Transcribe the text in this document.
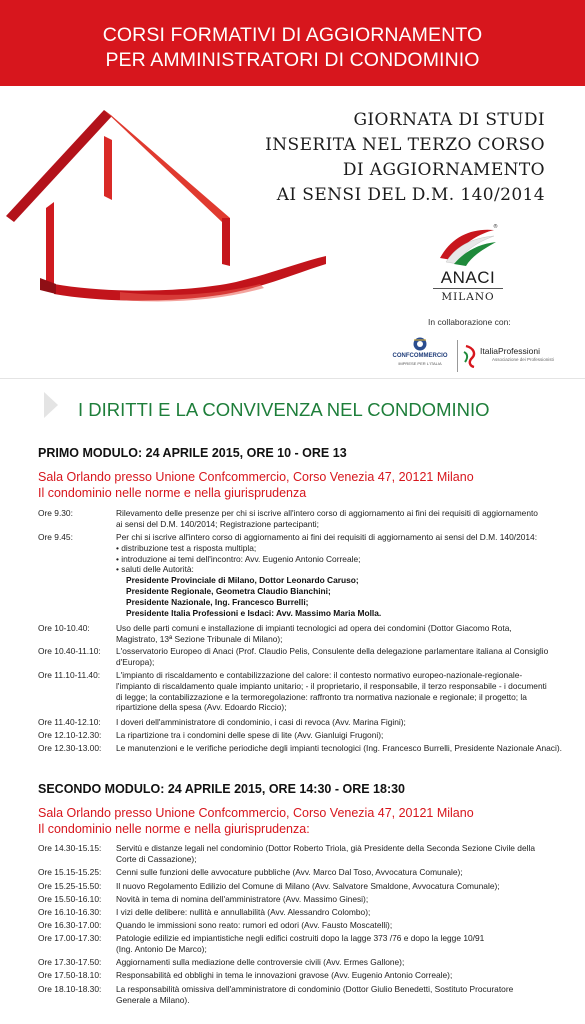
CORSI FORMATIVI DI AGGIORNAMENTO
PER AMMINISTRATORI DI CONDOMINIO
GIORNATA DI STUDI
INSERITA NEL TERZO CORSO
DI AGGIORNAMENTO
AI SENSI DEL D.M. 140/2014
®
ANACI
MILANO
In collaborazione con:
CONFCOMMERCIO
IMPRESE PER L'ITALIA
ItaliaProfessioni
Associazione dei Professionisti
I DIRITTI E LA CONVIVENZA NEL CONDOMINIO
PRIMO MODULO: 24 APRILE 2015, ORE 10 - ORE 13
Sala Orlando presso Unione Confcommercio, Corso Venezia 47, 20121 Milano
Il condominio nelle norme e nella giurisprudenza
Ore 9.30:	Rilevamento delle presenze per chi si iscrive all'intero corso di aggiornamento ai fini dei requisiti di aggiornamento
ai sensi del D.M. 140/2014; Registrazione partecipanti;
Ore 9.45:	Per chi si iscrive all'intero corso di aggiornamento ai fini dei requisiti di aggiornamento ai sensi del D.M. 140/2014:
• distribuzione test a risposta multipla;
• introduzione ai temi dell'incontro: Avv. Eugenio Antonio Correale;
• saluti delle Autorità:
Presidente Provinciale di Milano, Dottor Leonardo Caruso;
Presidente Regionale, Geometra Claudio Bianchini;
Presidente Nazionale, Ing. Francesco Burrelli;
Presidente Italia Professioni e Isdaci: Avv. Massimo Maria Molla.
Ore 10-10.40:	Uso delle parti comuni e installazione di impianti tecnologici ad opera dei condomini (Dottor Giacomo Rota,
Magistrato, 13ª Sezione Tribunale di Milano);
Ore 10.40-11.10:	L'osservatorio Europeo di Anaci (Prof. Claudio Pelis, Consulente della delegazione parlamentare italiana al Consiglio
d'Europa);
Ore 11.10-11.40:	L'impianto di riscaldamento e contabilizzazione del calore: il contesto normativo europeo-nazionale-regionale-
l'impianto di riscaldamento quale impianto unitario; - il proprietario, il responsabile, il terzo responsabile - i documenti
di legge; la contabilizzazione e la termoregolazione: raffronto tra normativa nazionale e regionale; il progetto; la
ripartizione della spesa (Avv. Edoardo Riccio);
Ore 11.40-12.10:	I doveri dell'amministratore di condominio, i casi di revoca (Avv. Marina Figini);
Ore 12.10-12.30:	La ripartizione tra i condomini delle spese di lite (Avv. Gianluigi Frugoni);
Ore 12.30-13.00:	Le manutenzioni e le verifiche periodiche degli impianti tecnologici (Ing. Francesco Burrelli, Presidente Nazionale Anaci).
SECONDO MODULO: 24 APRILE 2015, ORE 14:30 - ORE 18:30
Sala Orlando presso Unione Confcommercio, Corso Venezia 47, 20121 Milano
Il condominio nelle norme e nella giurisprudenza:
Ore 14.30-15.15:	Servitù e distanze legali nel condominio (Dottor Roberto Triola, già Presidente della Seconda Sezione Civile della
Corte di Cassazione);
Ore 15.15-15.25:	Cenni sulle funzioni delle avvocature pubbliche (Avv. Marco Dal Toso, Avvocatura Comunale);
Ore 15.25-15.50:	Il nuovo Regolamento Edilizio del Comune di Milano (Avv. Salvatore Smaldone, Avvocatura Comunale);
Ore 15.50-16.10:	Novità in tema di nomina dell'amministratore (Avv. Massimo Ginesi);
Ore 16.10-16.30:	I vizi delle delibere: nullità e annullabilità (Avv. Alessandro Colombo);
Ore 16.30-17.00:	Quando le immissioni sono reato: rumori ed odori (Avv. Fausto Moscatelli);
Ore 17.00-17.30:	Patologie edilizie ed impiantistiche negli edifici costruiti dopo la lagge 373 /76 e dopo la legge 10/91
(Ing. Antonio De Marco);
Ore 17.30-17.50:	Aggiornamenti sulla mediazione delle controversie civili (Avv. Ermes Gallone);
Ore 17.50-18.10:	Responsabilità ed obblighi in tema le innovazioni gravose (Avv. Eugenio Antonio Correale);
Ore 18.10-18.30:	La responsabilità omissiva dell'amministratore di condominio (Dottor Giulio Benedetti, Sostituto Procuratore
Generale a Milano).
